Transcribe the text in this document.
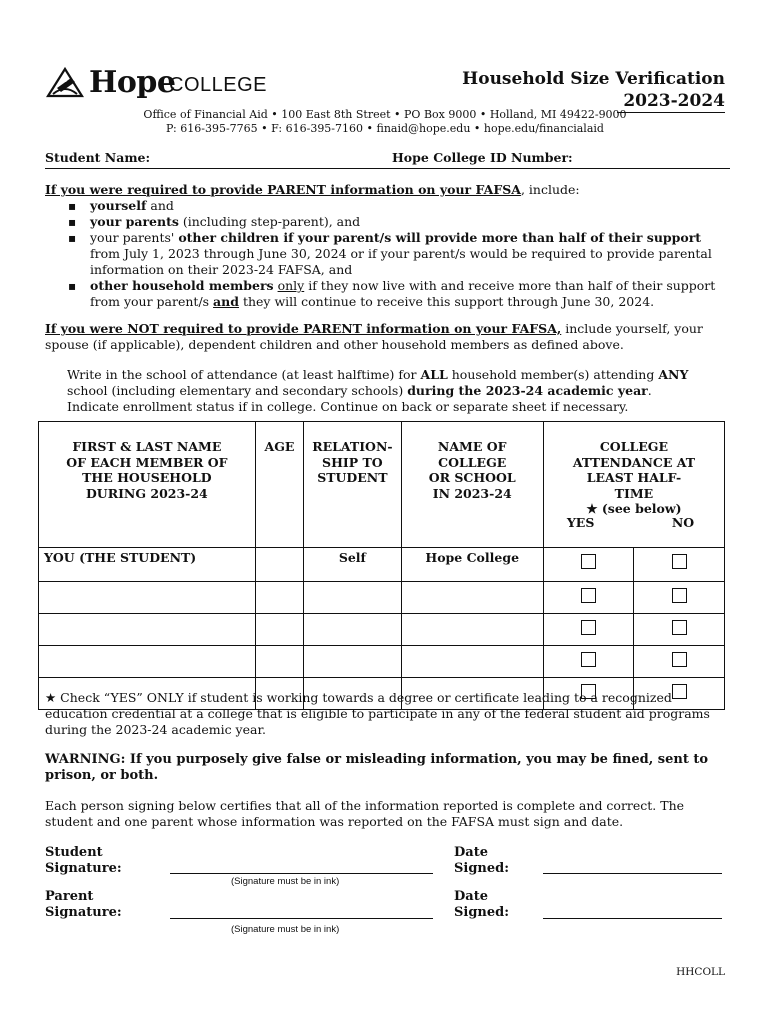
Hope
COLLEGE	Household Size Verification
2023-2024
Office of Financial Aid • 100 East 8th Street • PO Box 9000 • Holland, MI 49422-9000
P: 616-395-7765 • F: 616-395-7160 • finaid@hope.edu • hope.edu/financialaid
Student Name:	Hope College ID Number:
If you were required to provide PARENT information on your FAFSA, include:
▪ yourself and
▪ your parents (including step-parent), and
▪ your parents' other children if your parent/s will provide more than half of their support from July 1, 2023 through June 30, 2024 or if your parent/s would be required to provide parental information on their 2023-24 FAFSA, and
▪ other household members only if they now live with and receive more than half of their support from your parent/s and they will continue to receive this support through June 30, 2024.
If you were NOT required to provide PARENT information on your FAFSA, include yourself, your spouse (if applicable), dependent children and other household members as defined above.
Write in the school of attendance (at least halftime) for ALL household member(s) attending ANY school (including elementary and secondary schools) during the 2023-24 academic year. Indicate enrollment status if in college. Continue on back or separate sheet if necessary.
FIRST & LAST NAME OF EACH MEMBER OF THE HOUSEHOLD DURING 2023-24	AGE	RELATION-SHIP TO STUDENT	NAME OF COLLEGE OR SCHOOL IN 2023-24	COLLEGE ATTENDANCE AT LEAST HALF-TIME
★ (see below)
YES NO	

YOU (THE STUDENT)		Self	Hope College	

★ Check “YES” ONLY if student is working towards a degree or certificate leading to a recognized education credential at a college that is eligible to participate in any of the federal student aid programs during the 2023-24 academic year.
WARNING: If you purposely give false or misleading information, you may be fined, sent to prison, or both.
Each person signing below certifies that all of the information reported is complete and correct. The student and one parent whose information was reported on the FAFSA must sign and date.
Student
Signature:
(Signature must be in ink)
Date
Signed:
Parent
Signature:
(Signature must be in ink)
Date
Signed:
HHCOLL
